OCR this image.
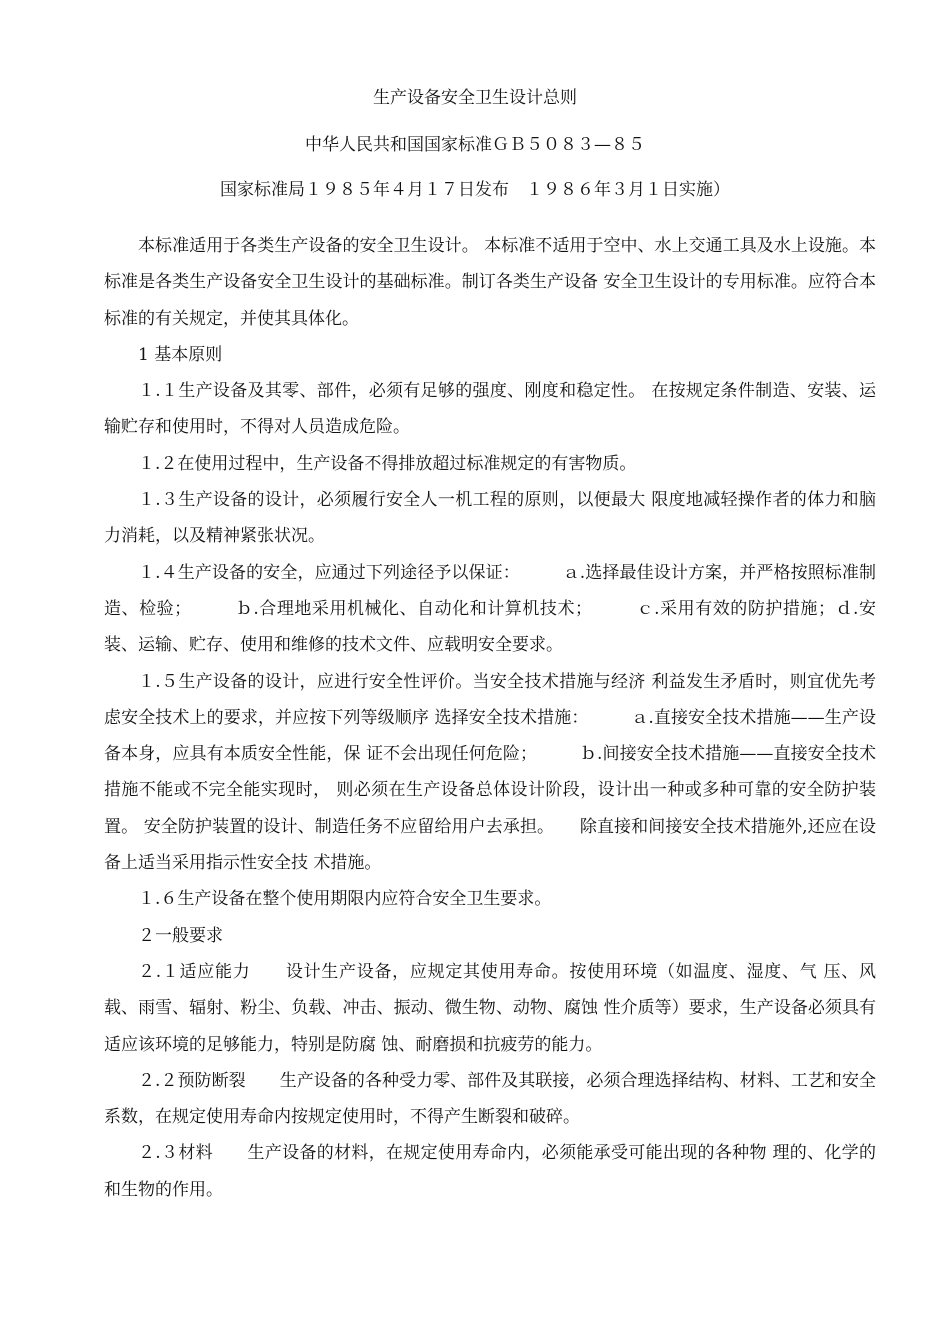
生产设备安全卫生设计总则
中华人民共和国国家标准ＧＢ５０８３—８５
国家标准局１９８５年４月１７日发布　１９８６年３月１日实施）

本标准适用于各类生产设备的安全卫生设计。 本标准不适用于空中、水上交通工具及水上设施。本标准是各类生产设备安全卫生设计的基础标准。制订各类生产设备 安全卫生设计的专用标准。应符合本标准的有关规定，并使其具体化。

1 基本原则

１.１生产设备及其零、部件，必须有足够的强度、刚度和稳定性。 在按规定条件制造、安装、运输贮存和使用时，不得对人员造成危险。

１.２在使用过程中，生产设备不得排放超过标准规定的有害物质。

１.３生产设备的设计，必须履行安全人一机工程的原则，以便最大 限度地减轻操作者的体力和脑力消耗，以及精神紧张状况。

１.４生产设备的安全，应通过下列途径予以保证：　　　ａ.选择最佳设计方案，并严格按照标准制造、检验；　　　ｂ.合理地采用机械化、自动化和计算机技术；　　　ｃ.采用有效的防护措施；ｄ.安装、运输、贮存、使用和维修的技术文件、应载明安全要求。

１.５生产设备的设计，应进行安全性评价。当安全技术措施与经济 利益发生矛盾时，则宜优先考虑安全技术上的要求，并应按下列等级顺序 选择安全技术措施：　　　ａ.直接安全技术措施——生产设备本身，应具有本质安全性能，保 证不会出现任何危险；　　　ｂ.间接安全技术措施——直接安全技术措施不能或不完全能实现时， 则必须在生产设备总体设计阶段，设计出一种或多种可靠的安全防护装置。 安全防护装置的设计、制造任务不应留给用户去承担。　　除直接和间接安全技术措施外,还应在设备上适当采用指示性安全技 术措施。

１.６生产设备在整个使用期限内应符合安全卫生要求。

２一般要求

２.１适应能力　　设计生产设备，应规定其使用寿命。按使用环境（如温度、湿度、气 压、风载、雨雪、辐射、粉尘、负载、冲击、振动、微生物、动物、腐蚀 性介质等）要求，生产设备必须具有适应该环境的足够能力，特别是防腐 蚀、耐磨损和抗疲劳的能力。

２.２预防断裂　　生产设备的各种受力零、部件及其联接，必须合理选择结构、材料、工艺和安全系数，在规定使用寿命内按规定使用时，不得产生断裂和破碎。

２.３材料　　生产设备的材料，在规定使用寿命内，必须能承受可能出现的各种物 理的、化学的和生物的作用。
